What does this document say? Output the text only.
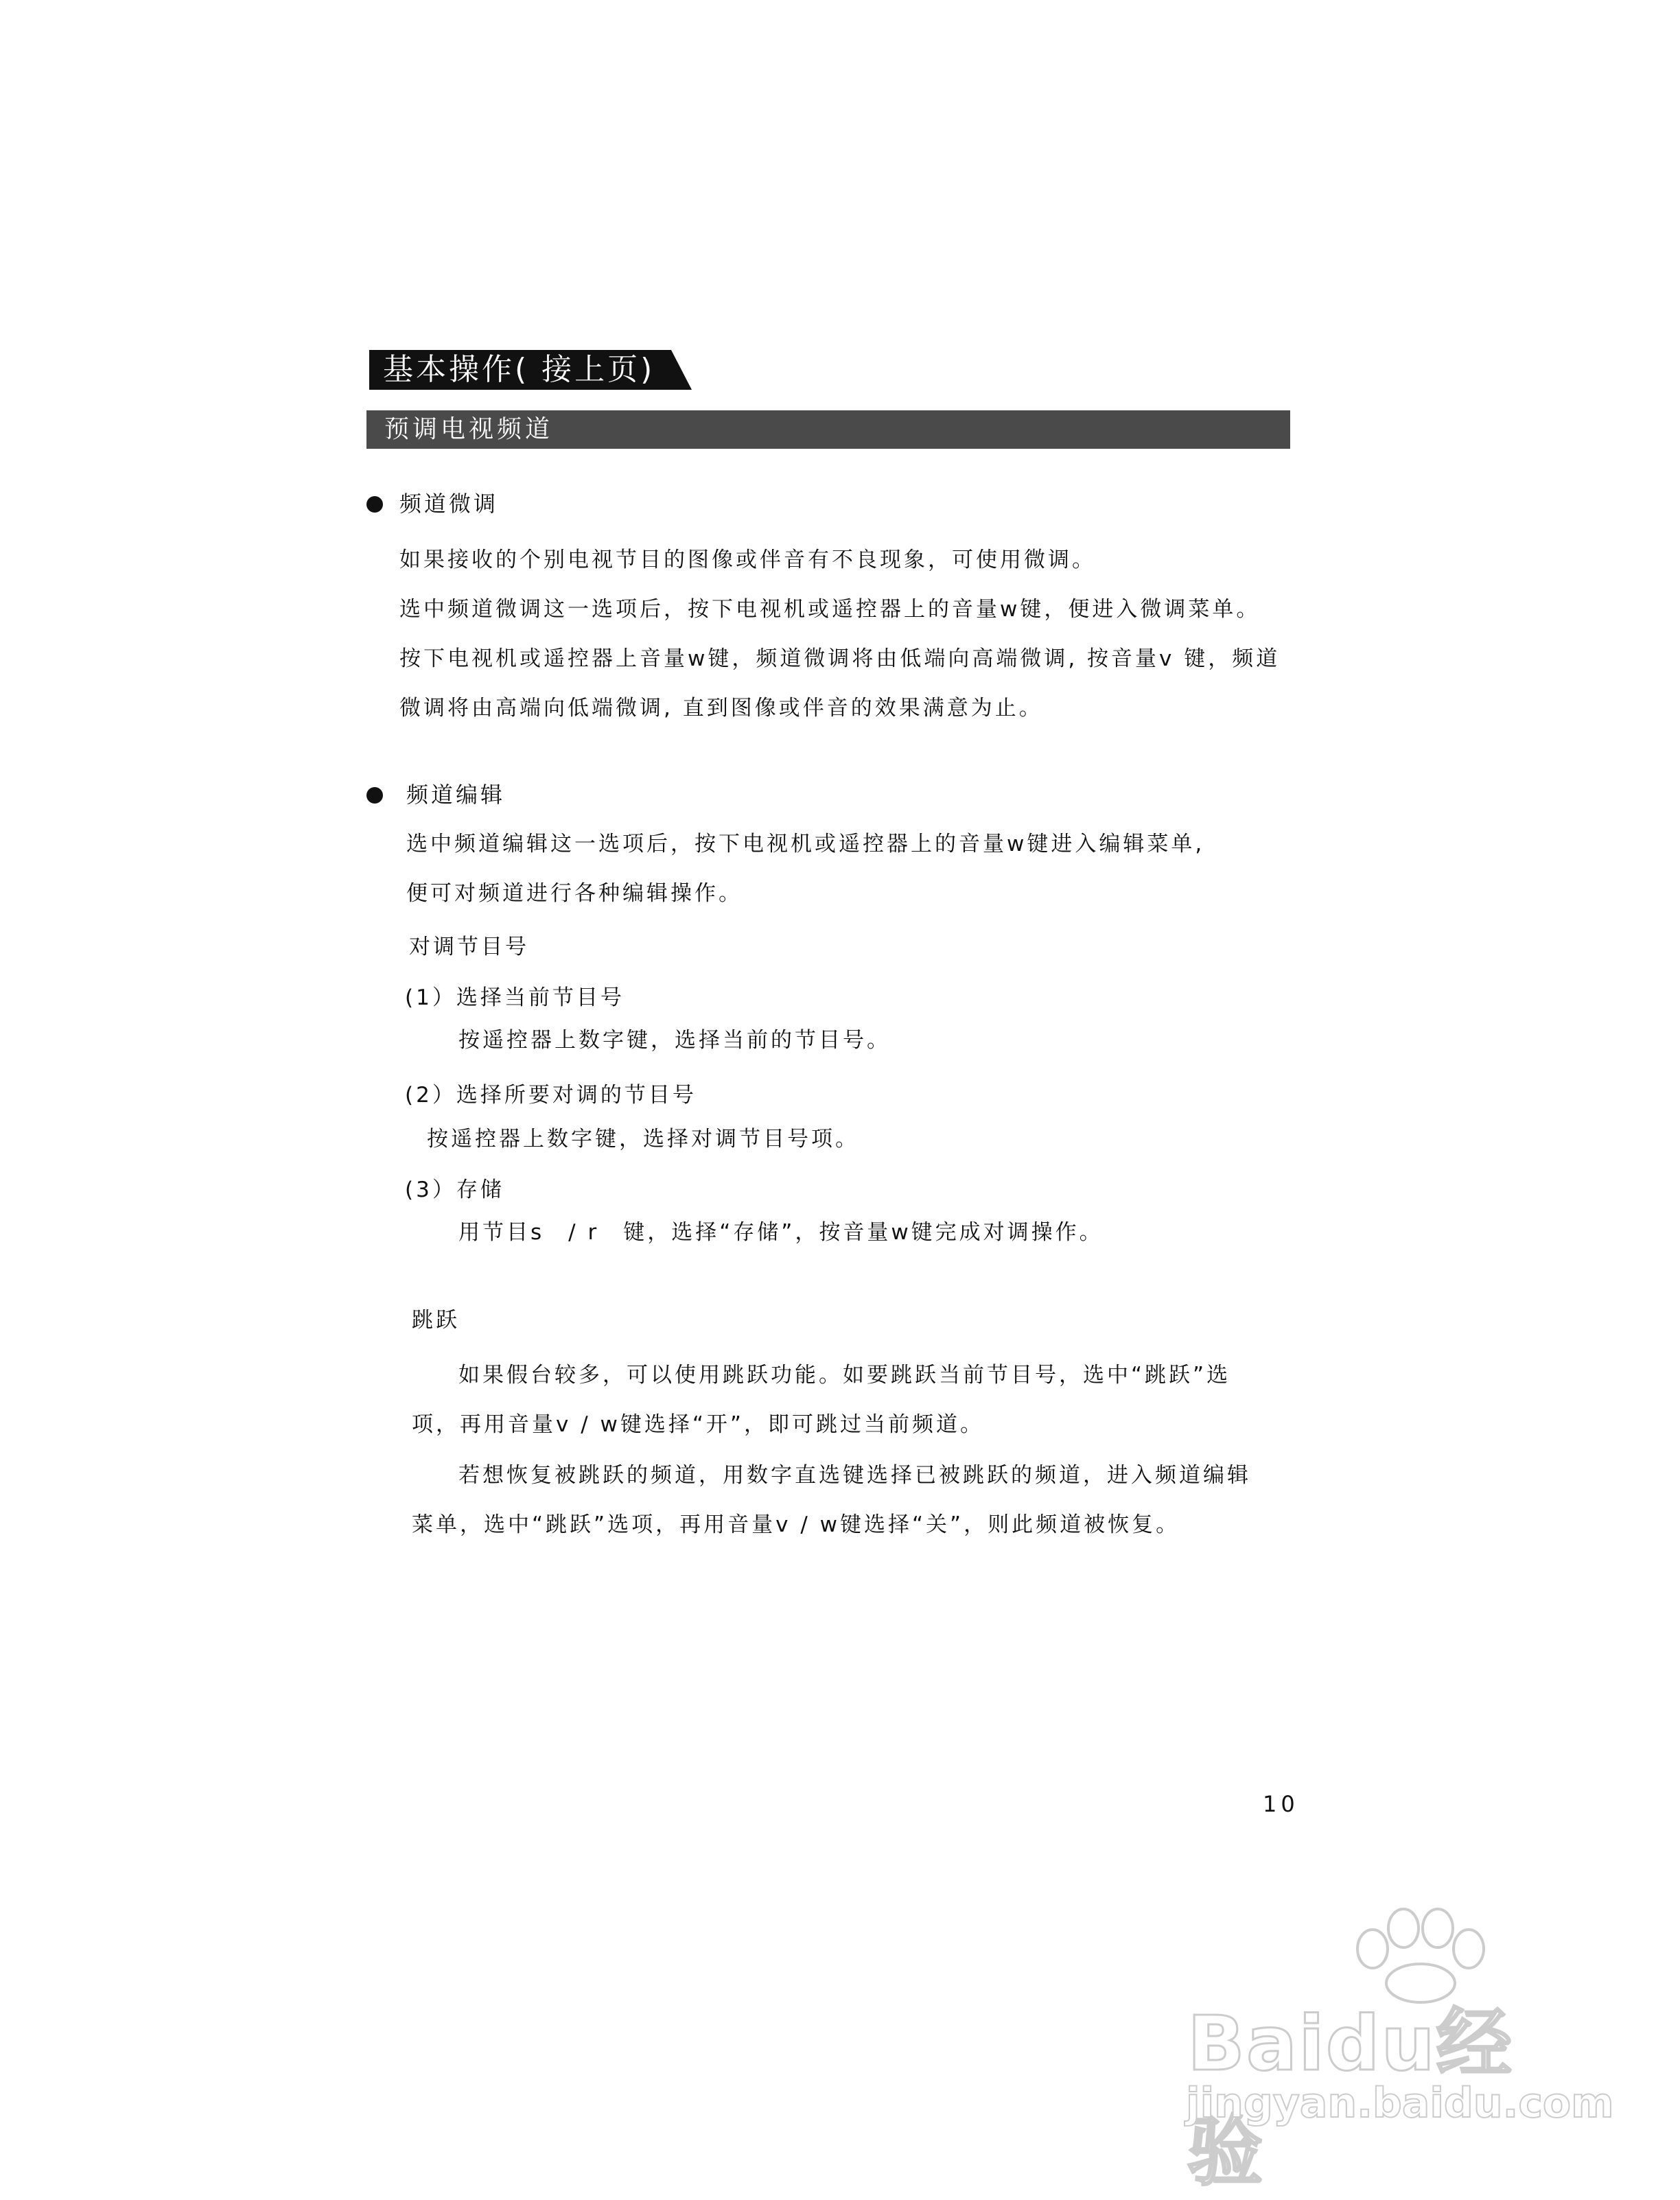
基本操作( 接上页)
预调电视频道
频道微调
如果接收的个别电视节目的图像或伴音有不良现象，可使用微调。
选中频道微调这一选项后，按下电视机或遥控器上的音量w键，便进入微调菜单。
按下电视机或遥控器上音量w键，频道微调将由低端向高端微调, 按音量v 键，频道
微调将由高端向低端微调, 直到图像或伴音的效果满意为止。
频道编辑
选中频道编辑这一选项后，按下电视机或遥控器上的音量w键进入编辑菜单,
便可对频道进行各种编辑操作。
对调节目号
(1）选择当前节目号
按遥控器上数字键，选择当前的节目号。
(2）选择所要对调的节目号
按遥控器上数字键，选择对调节目号项。
(3）存储
用节目s　/ r　键，选择“存储”，按音量w键完成对调操作。
跳跃
如果假台较多，可以使用跳跃功能。如要跳跃当前节目号，选中“跳跃”选
项，再用音量v / w键选择“开”，即可跳过当前频道。
若想恢复被跳跃的频道，用数字直选键选择已被跳跃的频道，进入频道编辑
菜单，选中“跳跃”选项，再用音量v / w键选择“关”，则此频道被恢复。
10
Baidu经验
jingyan.baidu.com
